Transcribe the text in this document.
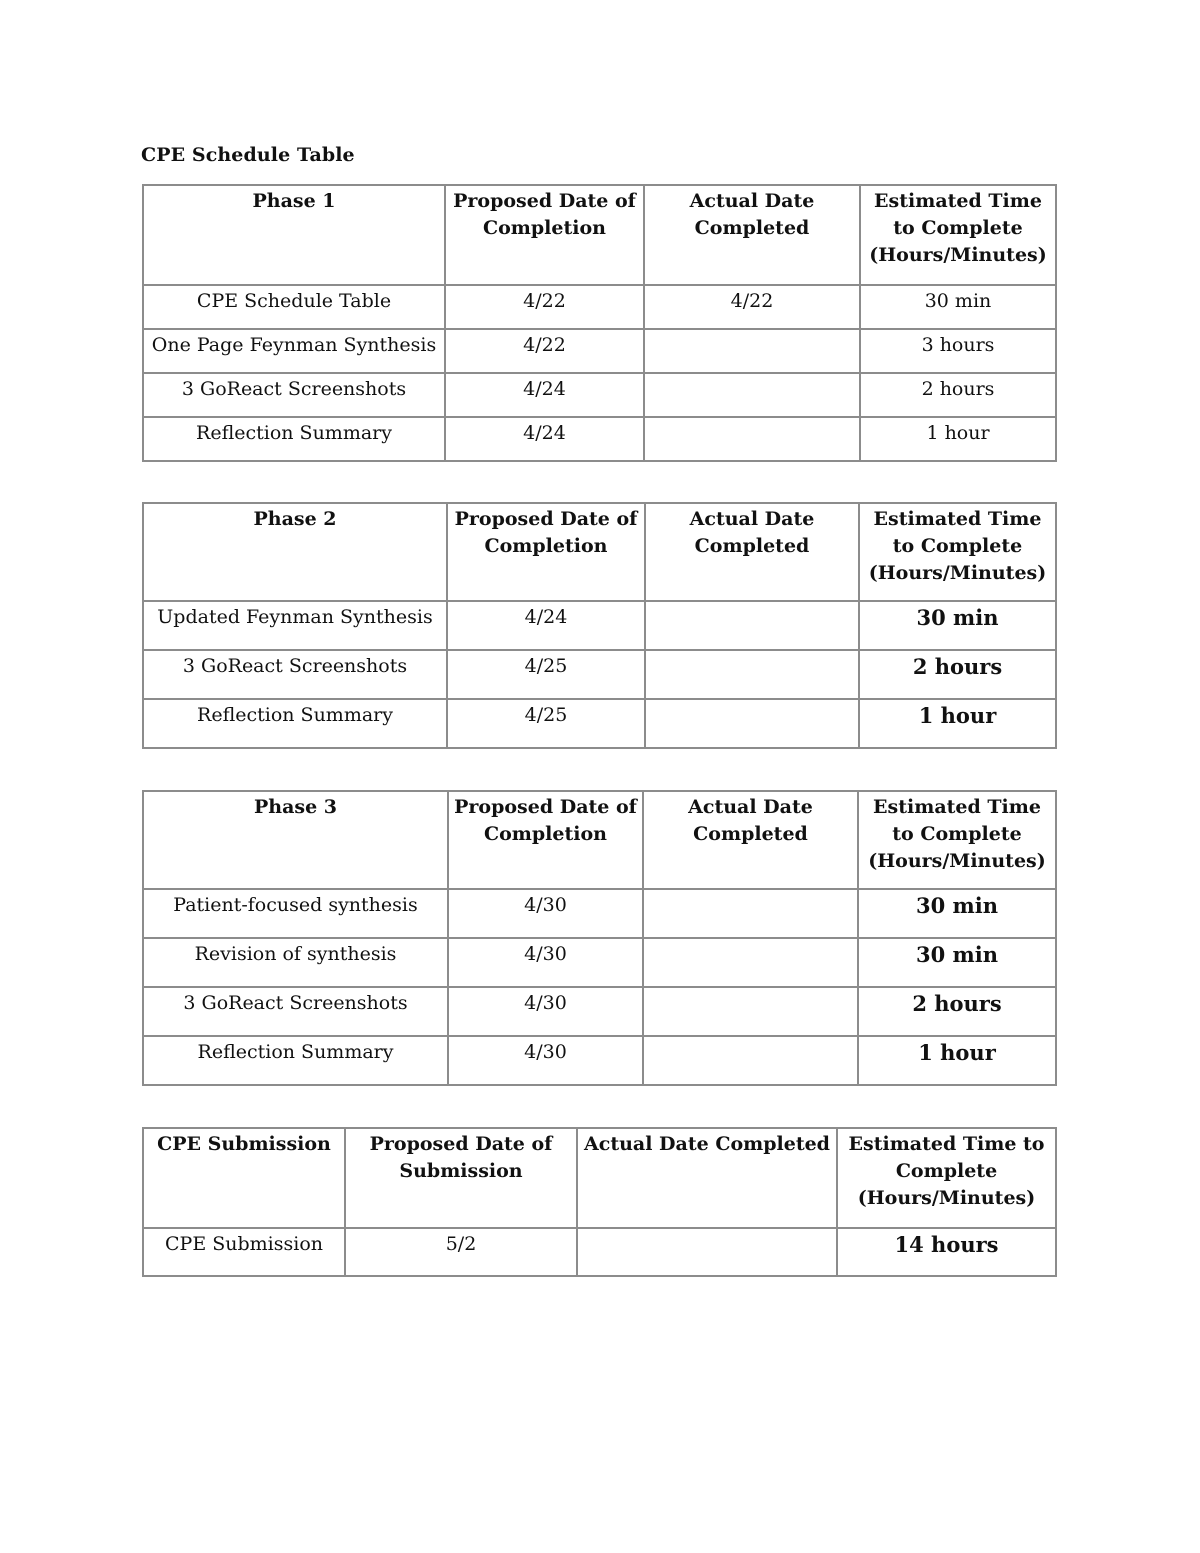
CPE Schedule Table
Phase 1	Proposed Date of Completion	Actual Date Completed	Estimated Time to Complete (Hours/Minutes)
CPE Schedule Table	4/22	4/22	30 min
One Page Feynman Synthesis	4/22		3 hours
3 GoReact Screenshots	4/24		2 hours
Reflection Summary	4/24		1 hour
Phase 2	Proposed Date of Completion	Actual Date Completed	Estimated Time to Complete (Hours/Minutes)
Updated Feynman Synthesis	4/24		30 min
3 GoReact Screenshots	4/25		2 hours
Reflection Summary	4/25		1 hour
Phase 3	Proposed Date of Completion	Actual Date Completed	Estimated Time to Complete (Hours/Minutes)
Patient-focused synthesis	4/30		30 min
Revision of synthesis	4/30		30 min
3 GoReact Screenshots	4/30		2 hours
Reflection Summary	4/30		1 hour
CPE Submission	Proposed Date of Submission	Actual Date Completed	Estimated Time to Complete (Hours/Minutes)
CPE Submission	5/2		14 hours
